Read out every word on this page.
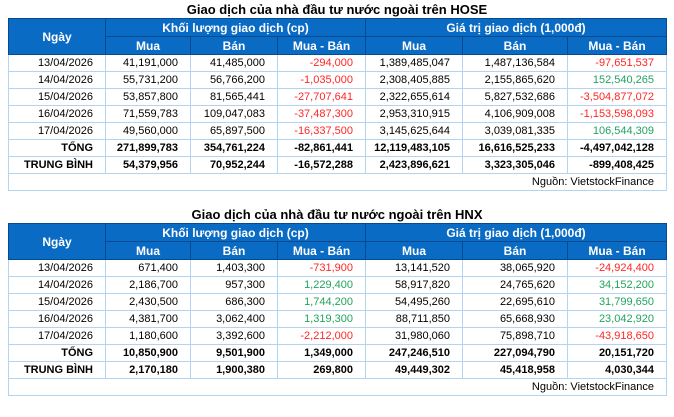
Giao dịch của nhà đầu tư nước ngoài trên HOSE
Ngày	Khối lượng giao dịch (cp)			Giá trị giao dịch (1,000đ)		
	Mua	Bán	Mua - Bán	Mua	Bán	Mua - Bán
13/04/2026	41,191,000	41,485,000	-294,000	1,389,485,047	1,487,136,584	-97,651,537
14/04/2026	55,731,200	56,766,200	-1,035,000	2,308,405,885	2,155,865,620	152,540,265
15/04/2026	53,857,800	81,565,441	-27,707,641	2,322,655,614	5,827,532,686	-3,504,877,072
16/04/2026	71,559,783	109,047,083	-37,487,300	2,953,310,915	4,106,909,008	-1,153,598,093
17/04/2026	49,560,000	65,897,500	-16,337,500	3,145,625,644	3,039,081,335	106,544,309
TỔNG	271,899,783	354,761,224	-82,861,441	12,119,483,105	16,616,525,233	-4,497,042,128
TRUNG BÌNH	54,379,956	70,952,244	-16,572,288	2,423,896,621	3,323,305,046	-899,408,425
Nguồn: VietstockFinance						
Giao dịch của nhà đầu tư nước ngoài trên HNX
Ngày	Khối lượng giao dịch (cp)			Giá trị giao dịch (1,000đ)		
	Mua	Bán	Mua - Bán	Mua	Bán	Mua - Bán
13/04/2026	671,400	1,403,300	-731,900	13,141,520	38,065,920	-24,924,400
14/04/2026	2,186,700	957,300	1,229,400	58,917,820	24,765,620	34,152,200
15/04/2026	2,430,500	686,300	1,744,200	54,495,260	22,695,610	31,799,650
16/04/2026	4,381,700	3,062,400	1,319,300	88,711,850	65,668,930	23,042,920
17/04/2026	1,180,600	3,392,600	-2,212,000	31,980,060	75,898,710	-43,918,650
TỔNG	10,850,900	9,501,900	1,349,000	247,246,510	227,094,790	20,151,720
TRUNG BÌNH	2,170,180	1,900,380	269,800	49,449,302	45,418,958	4,030,344
Nguồn: VietstockFinance						
